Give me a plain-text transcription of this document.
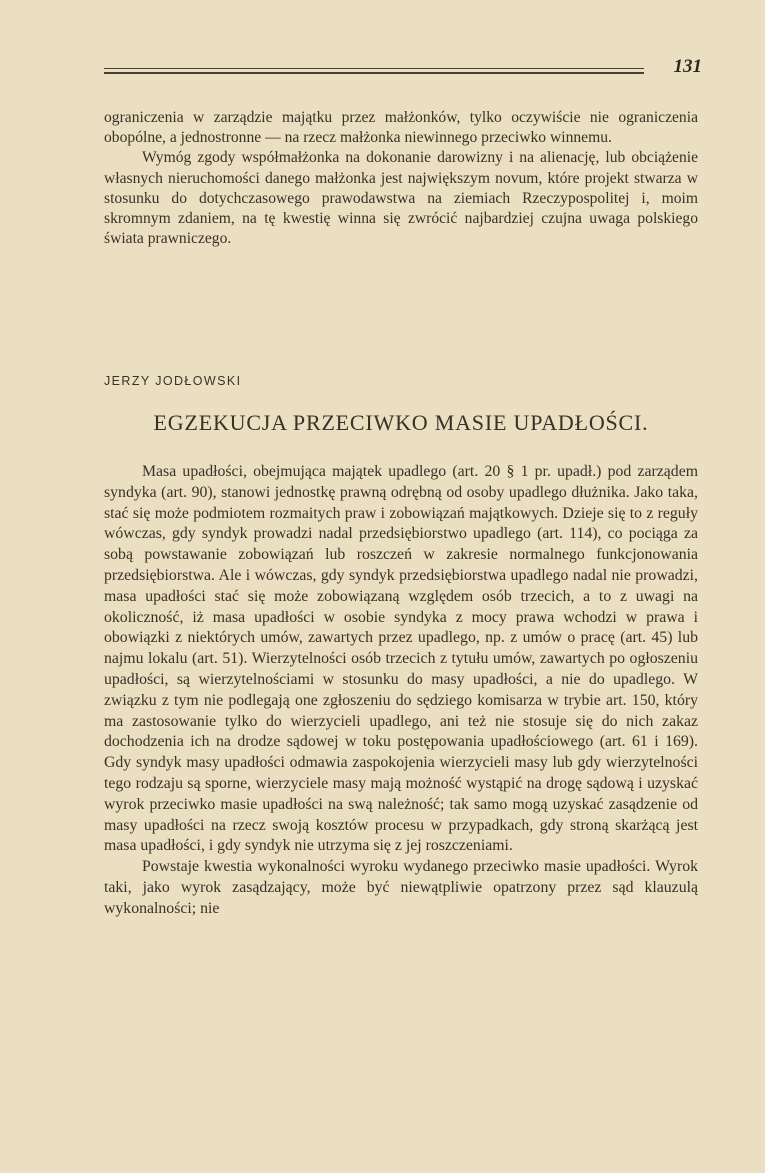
131

ograniczenia w zarządzie majątku przez małżonków, tylko oczywiście nie ograniczenia obopólne, a jednostronne — na rzecz małżonka niewinnego przeciwko winnemu.

Wymóg zgody współmałżonka na dokonanie darowizny i na alienację, lub obciążenie własnych nieruchomości danego małżonka jest największym novum, które projekt stwarza w stosunku do dotychczasowego prawodawstwa na ziemiach Rzeczypospolitej i, moim skromnym zdaniem, na tę kwestię winna się zwrócić najbardziej czujna uwaga polskiego świata prawniczego.

JERZY JODŁOWSKI
EGZEKUCJA PRZECIWKO MASIE UPADŁOŚCI.

Masa upadłości, obejmująca majątek upadlego (art. 20 § 1 pr. upadł.) pod zarządem syndyka (art. 90), stanowi jednostkę prawną odrębną od osoby upadlego dłużnika. Jako taka, stać się może podmiotem rozmaitych praw i zobowiązań majątkowych. Dzieje się to z reguły wówczas, gdy syndyk prowadzi nadal przedsiębiorstwo upadlego (art. 114), co pociąga za sobą powstawanie zobowiązań lub roszczeń w zakresie normalnego funkcjonowania przedsiębiorstwa. Ale i wówczas, gdy syndyk przedsiębiorstwa upadlego nadal nie prowadzi, masa upadłości stać się może zobowiązaną względem osób trzecich, a to z uwagi na okoliczność, iż masa upadłości w osobie syndyka z mocy prawa wchodzi w prawa i obowiązki z niektórych umów, zawartych przez upadlego, np. z umów o pracę (art. 45) lub najmu lokalu (art. 51). Wierzytelności osób trzecich z tytułu umów, zawartych po ogłoszeniu upadłości, są wierzytelnościami w stosunku do masy upadłości, a nie do upadlego. W związku z tym nie podlegają one zgłoszeniu do sędziego komisarza w trybie art. 150, który ma zastosowanie tylko do wierzycieli upadlego, ani też nie stosuje się do nich zakaz dochodzenia ich na drodze sądowej w toku postępowania upadłościowego (art. 61 i 169). Gdy syndyk masy upadłości odmawia zaspokojenia wierzycieli masy lub gdy wierzytelności tego rodzaju są sporne, wierzyciele masy mają możność wystąpić na drogę sądową i uzyskać wyrok przeciwko masie upadłości na swą należność; tak samo mogą uzyskać zasądzenie od masy upadłości na rzecz swoją kosztów procesu w przypadkach, gdy stroną skarżącą jest masa upadłości, i gdy syndyk nie utrzyma się z jej roszczeniami.

Powstaje kwestia wykonalności wyroku wydanego przeciwko masie upadłości. Wyrok taki, jako wyrok zasądzający, może być niewątpliwie opatrzony przez sąd klauzulą wykonalności; nie
